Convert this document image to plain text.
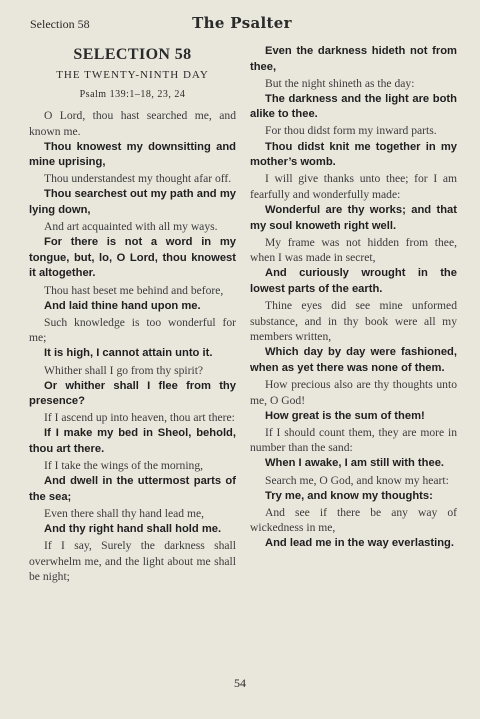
Selection 58	The Psalter
SELECTION 58
THE TWENTY-NINTH DAY
Psalm 139:1–18, 23, 24

O Lord, thou hast searched me, and known me.

Thou knowest my downsitting and mine uprising,

Thou understandest my thought afar off.

Thou searchest out my path and my lying down,

And art acquainted with all my ways.

For there is not a word in my tongue, but, lo, O Lord, thou knowest it altogether.

Thou hast beset me behind and before,

And laid thine hand upon me.

Such knowledge is too wonderful for me;

It is high, I cannot attain unto it.

Whither shall I go from thy spirit?

Or whither shall I flee from thy presence?

If I ascend up into heaven, thou art there:

If I make my bed in Sheol, behold, thou art there.

If I take the wings of the morning,

And dwell in the uttermost parts of the sea;

Even there shall thy hand lead me,

And thy right hand shall hold me.

If I say, Surely the darkness shall overwhelm me, and the light about me shall be night;

Even the darkness hideth not from thee,

But the night shineth as the day:

The darkness and the light are both alike to thee.

For thou didst form my inward parts.

Thou didst knit me together in my mother’s womb.

I will give thanks unto thee; for I am fearfully and wonderfully made:

Wonderful are thy works; and that my soul knoweth right well.

My frame was not hidden from thee, when I was made in secret,

And curiously wrought in the lowest parts of the earth.

Thine eyes did see mine unformed substance, and in thy book were all my members written,

Which day by day were fashioned, when as yet there was none of them.

How precious also are thy thoughts unto me, O God!

How great is the sum of them!

If I should count them, they are more in number than the sand:

When I awake, I am still with thee.

Search me, O God, and know my heart:

Try me, and know my thoughts:

And see if there be any way of wickedness in me,

And lead me in the way everlasting.

54
